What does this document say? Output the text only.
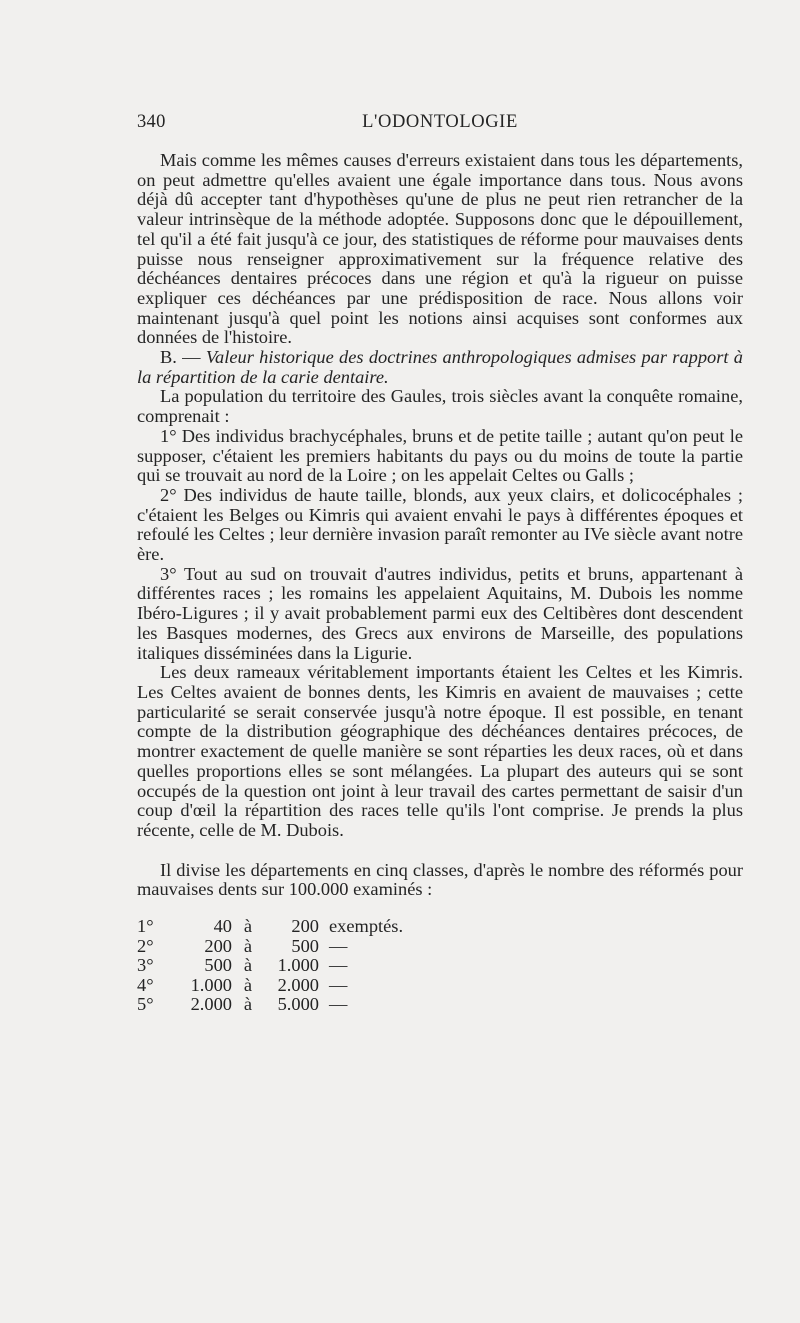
340	L'ODONTOLOGIE

Mais comme les mêmes causes d'erreurs existaient dans tous les départements, on peut admettre qu'elles avaient une égale importance dans tous. Nous avons déjà dû accepter tant d'hypothèses qu'une de plus ne peut rien retrancher de la valeur intrinsèque de la méthode adoptée. Supposons donc que le dépouillement, tel qu'il a été fait jusqu'à ce jour, des statistiques de réforme pour mauvaises dents puisse nous renseigner approximativement sur la fréquence relative des déchéances dentaires précoces dans une région et qu'à la rigueur on puisse expliquer ces déchéances par une prédisposition de race. Nous allons voir maintenant jusqu'à quel point les notions ainsi acquises sont conformes aux données de l'histoire.

B. — Valeur historique des doctrines anthropologiques admises par rapport à la répartition de la carie dentaire.

La population du territoire des Gaules, trois siècles avant la conquête romaine, comprenait :

1° Des individus brachycéphales, bruns et de petite taille ; autant qu'on peut le supposer, c'étaient les premiers habitants du pays ou du moins de toute la partie qui se trouvait au nord de la Loire ; on les appelait Celtes ou Galls ;

2° Des individus de haute taille, blonds, aux yeux clairs, et dolicocéphales ; c'étaient les Belges ou Kimris qui avaient envahi le pays à différentes époques et refoulé les Celtes ; leur dernière invasion paraît remonter au IVe siècle avant notre ère.

3° Tout au sud on trouvait d'autres individus, petits et bruns, appartenant à différentes races ; les romains les appelaient Aquitains, M. Dubois les nomme Ibéro-Ligures ; il y avait probablement parmi eux des Celtibères dont descendent les Basques modernes, des Grecs aux environs de Marseille, des populations italiques disséminées dans la Ligurie.

Les deux rameaux véritablement importants étaient les Celtes et les Kimris. Les Celtes avaient de bonnes dents, les Kimris en avaient de mauvaises ; cette particularité se serait conservée jusqu'à notre époque. Il est possible, en tenant compte de la distribution géographique des déchéances dentaires précoces, de montrer exactement de quelle manière se sont réparties les deux races, où et dans quelles proportions elles se sont mélangées. La plupart des auteurs qui se sont occupés de la question ont joint à leur travail des cartes permettant de saisir d'un coup d'œil la répartition des races telle qu'ils l'ont comprise. Je prends la plus récente, celle de M. Dubois.

Il divise les départements en cinq classes, d'après le nombre des réformés pour mauvaises dents sur 100.000 examinés :

1°	40 à	200 exemptés.
2°	200 à	500 —
3°	500 à	1.000 —
4°	1.000 à	2.000 —
5°	2.000 à	5.000 —
